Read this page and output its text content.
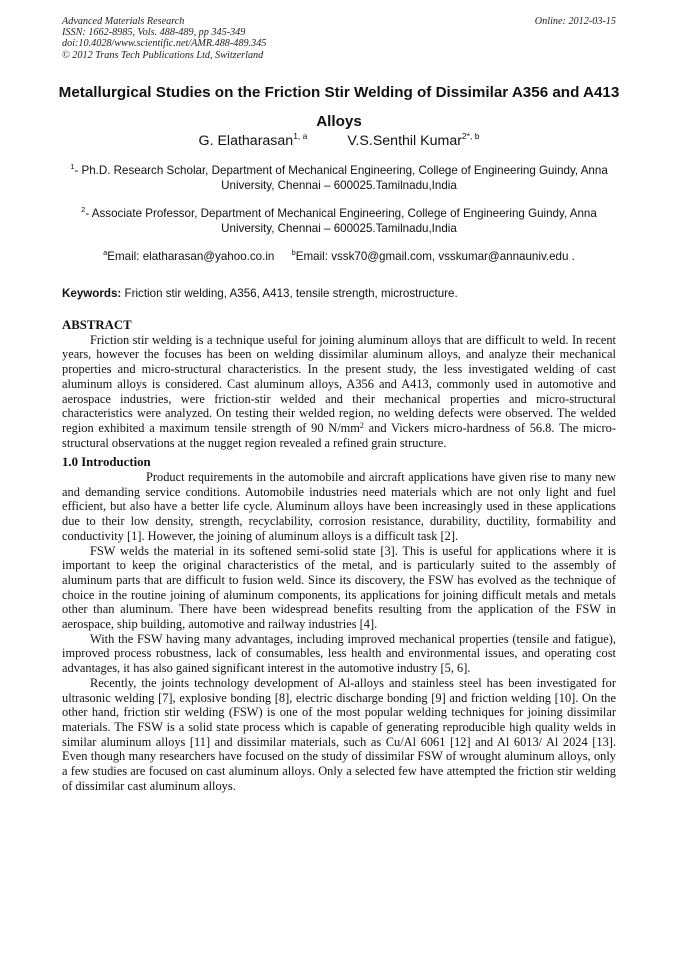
Advanced Materials Research
ISSN: 1662-8985, Vols. 488-489, pp 345-349
doi:10.4028/www.scientific.net/AMR.488-489.345
© 2012 Trans Tech Publications Ltd, Switzerland
Online: 2012-03-15
Metallurgical Studies on the Friction Stir Welding of Dissimilar A356 and A413 Alloys
G. Elatharasan$^{1, a}$	V.S.Senthil Kumar$^{2*, b}$
$^1$- Ph.D. Research Scholar, Department of Mechanical Engineering, College of Engineering Guindy, Anna University, Chennai – 600025.Tamilnadu,India
$^2$- Associate Professor, Department of Mechanical Engineering, College of Engineering Guindy, Anna University, Chennai – 600025.Tamilnadu,India
$^a$Email: elatharasan@yahoo.co.in $^b$Email: vssk70@gmail.com, vsskumar@annauniv.edu .
Keywords: Friction stir welding, A356, A413, tensile strength, microstructure.
ABSTRACT

Friction stir welding is a technique useful for joining aluminum alloys that are difficult to weld. In recent years, however the focuses has been on welding dissimilar aluminum alloys, and analyze their mechanical properties and micro-structural characteristics. In the present study, the less investigated welding of cast aluminum alloys is considered. Cast aluminum alloys, A356 and A413, commonly used in automotive and aerospace industries, were friction-stir welded and their mechanical properties and micro-structural characteristics were analyzed. On testing their welded region, no welding defects were observed. The welded region exhibited a maximum tensile strength of 90 $N/mm^2$ and Vickers micro-hardness of 56.8. The micro-structural observations at the nugget region revealed a refined grain structure.

1.0 Introduction

Product requirements in the automobile and aircraft applications have given rise to many new and demanding service conditions. Automobile industries need materials which are not only light and fuel efficient, but also have a better life cycle. Aluminum alloys have been increasingly used in these applications due to their low density, strength, recyclability, corrosion resistance, durability, ductility, formability and conductivity [1]. However, the joining of aluminum alloys is a difficult task [2].

FSW welds the material in its softened semi-solid state [3]. This is useful for applications where it is important to keep the original characteristics of the metal, and is particularly suited to the assembly of aluminum parts that are difficult to fusion weld. Since its discovery, the FSW has evolved as the technique of choice in the routine joining of aluminum components, its applications for joining difficult metals and metals other than aluminum. There have been widespread benefits resulting from the application of the FSW in aerospace, ship building, automotive and railway industries [4].

With the FSW having many advantages, including improved mechanical properties (tensile and fatigue), improved process robustness, lack of consumables, less health and environmental issues, and operating cost advantages, it has also gained significant interest in the automotive industry [5, 6].

Recently, the joints technology development of Al-alloys and stainless steel has been investigated for ultrasonic welding [7], explosive bonding [8], electric discharge bonding [9] and friction welding [10]. On the other hand, friction stir welding (FSW) is one of the most popular welding techniques for joining dissimilar materials. The FSW is a solid state process which is capable of generating reproducible high quality welds in similar aluminum alloys [11] and dissimilar materials, such as Cu/Al 6061 [12] and Al 6013/ Al 2024 [13]. Even though many researchers have focused on the study of dissimilar FSW of wrought aluminum alloys, only a few studies are focused on cast aluminum alloys. Only a selected few have attempted the friction stir welding of dissimilar cast aluminum alloys.
